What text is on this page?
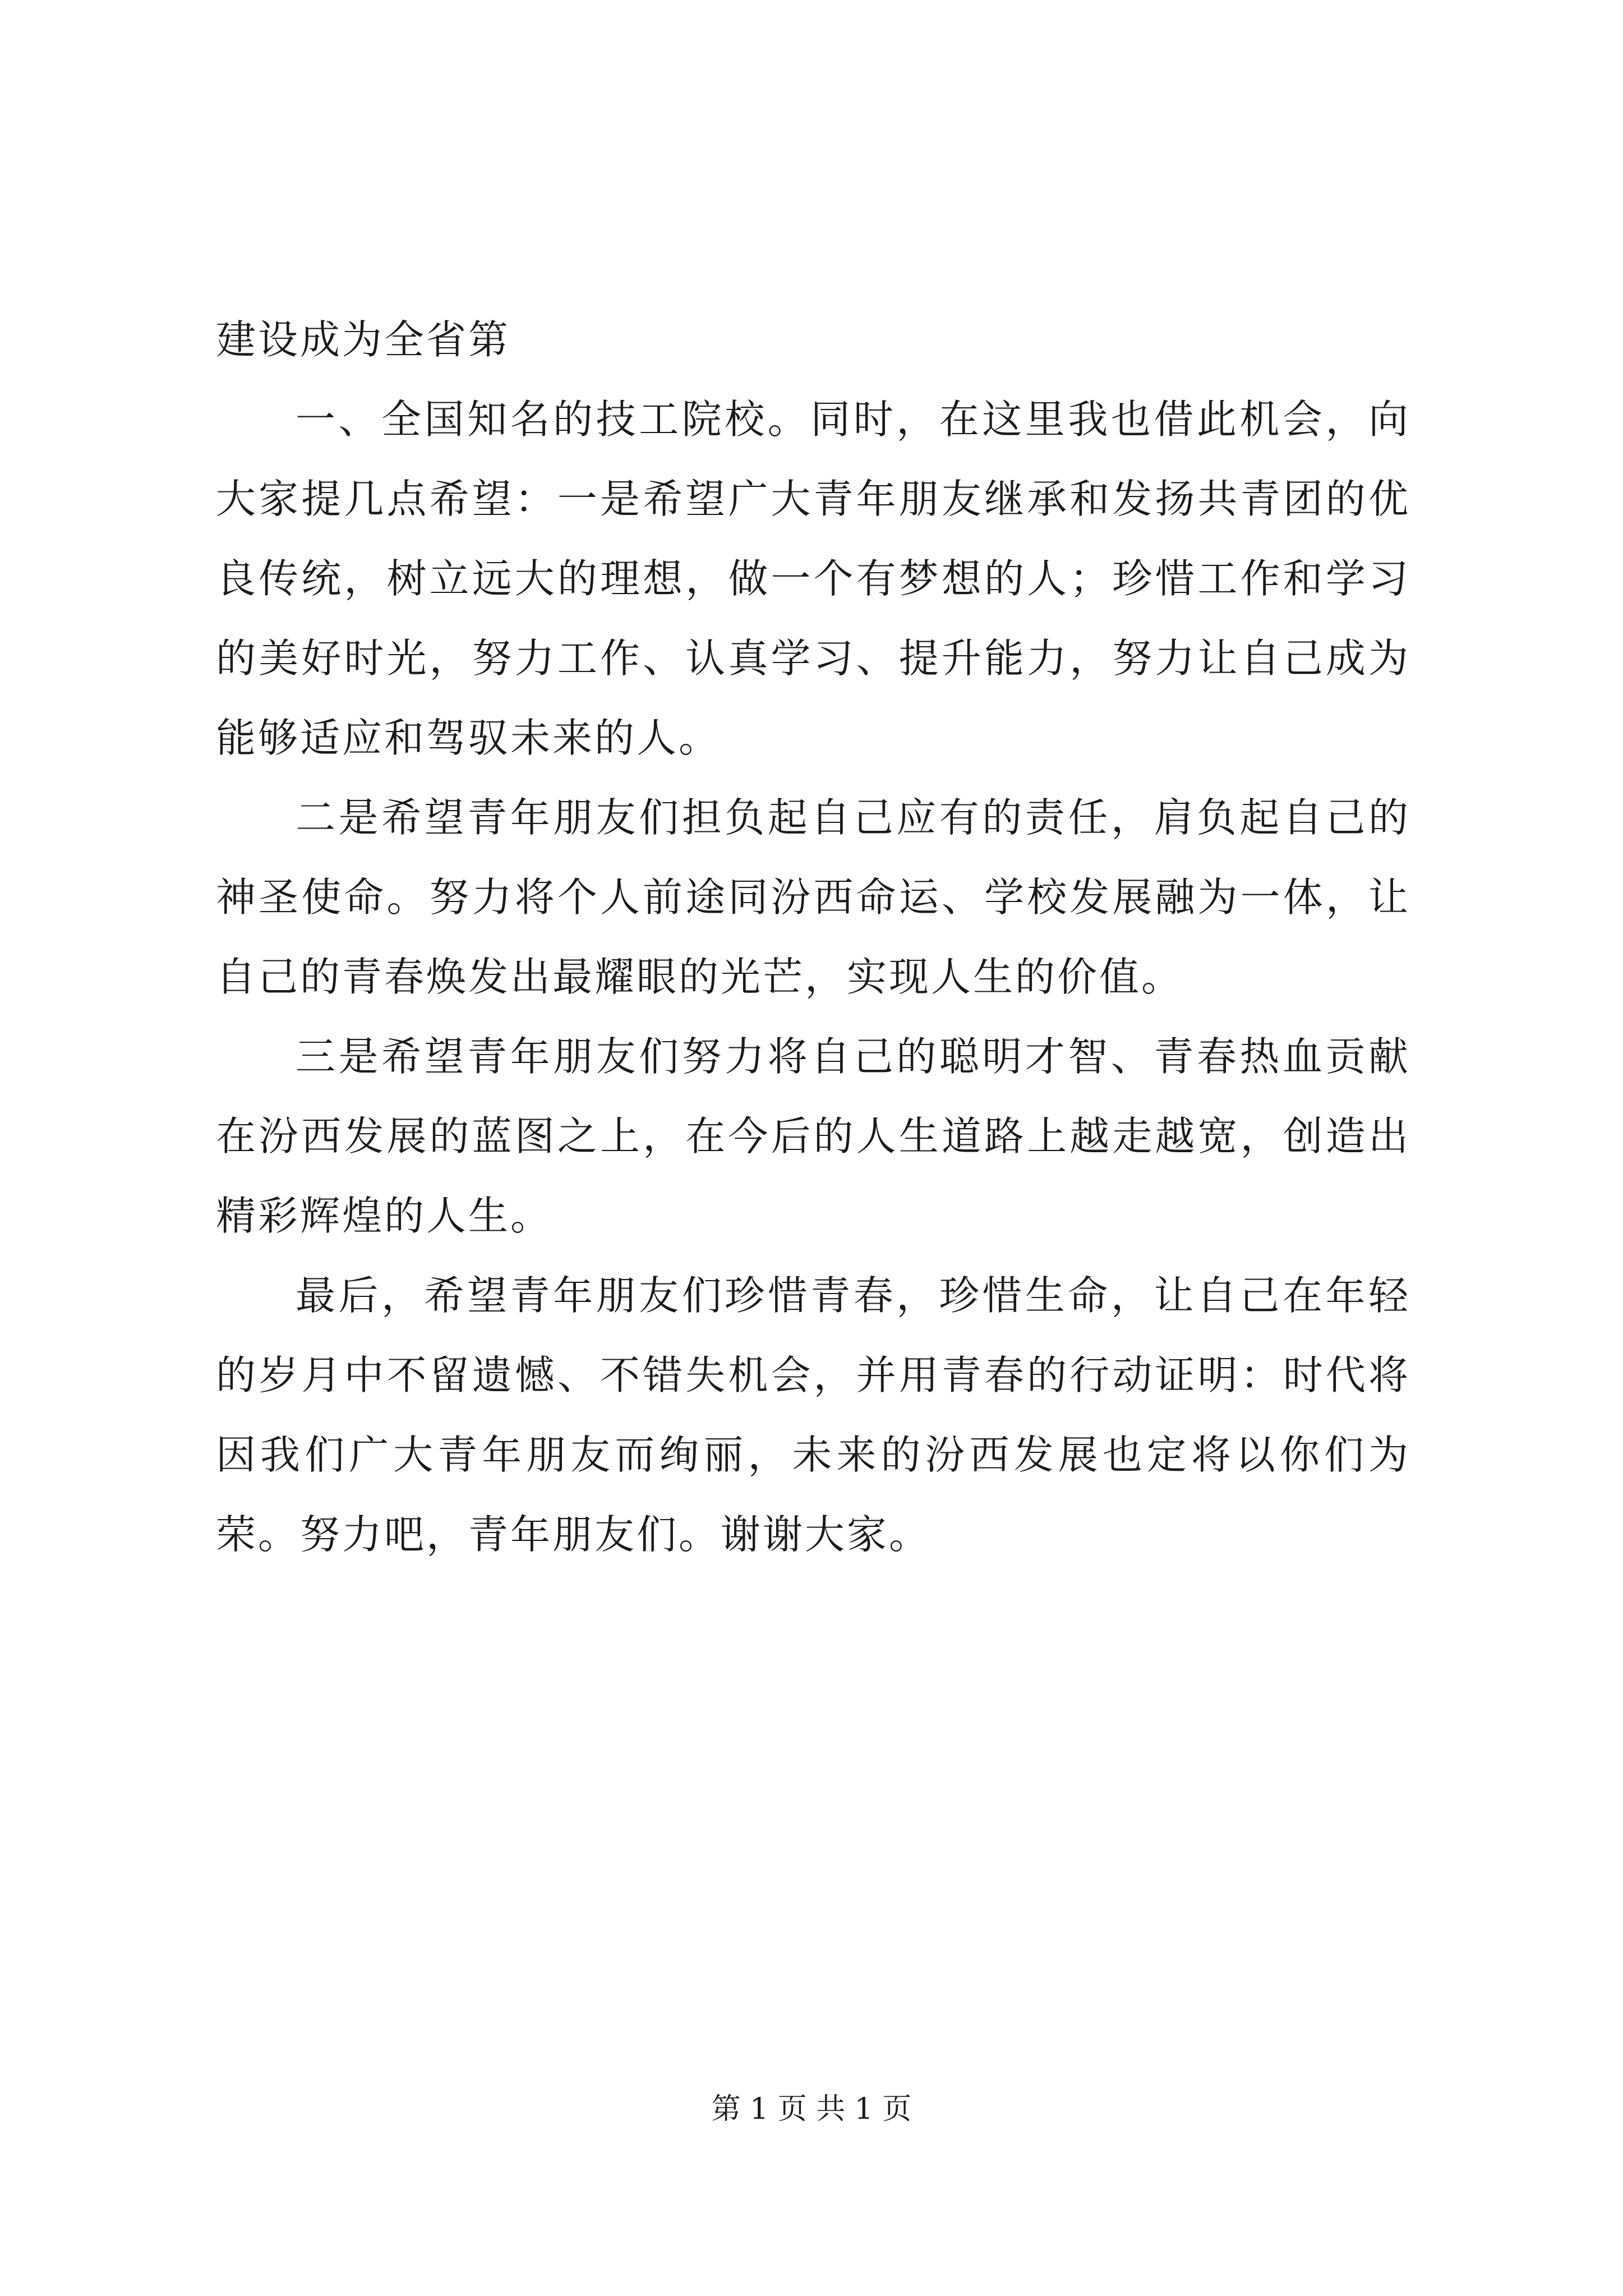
建设成为全省第

一、全国知名的技工院校。同时，在这里我也借此机会，向大家提几点希望：一是希望广大青年朋友继承和发扬共青团的优良传统，树立远大的理想，做一个有梦想的人；珍惜工作和学习的美好时光，努力工作、认真学习、提升能力，努力让自己成为能够适应和驾驭未来的人。

二是希望青年朋友们担负起自己应有的责任，肩负起自己的神圣使命。努力将个人前途同汾西命运、学校发展融为一体，让自己的青春焕发出最耀眼的光芒，实现人生的价值。

三是希望青年朋友们努力将自己的聪明才智、青春热血贡献在汾西发展的蓝图之上，在今后的人生道路上越走越宽，创造出精彩辉煌的人生。

最后，希望青年朋友们珍惜青春，珍惜生命，让自己在年轻的岁月中不留遗憾、不错失机会，并用青春的行动证明：时代将因我们广大青年朋友而绚丽，未来的汾西发展也定将以你们为荣。努力吧，青年朋友们。谢谢大家。

第 1 页 共 1 页
